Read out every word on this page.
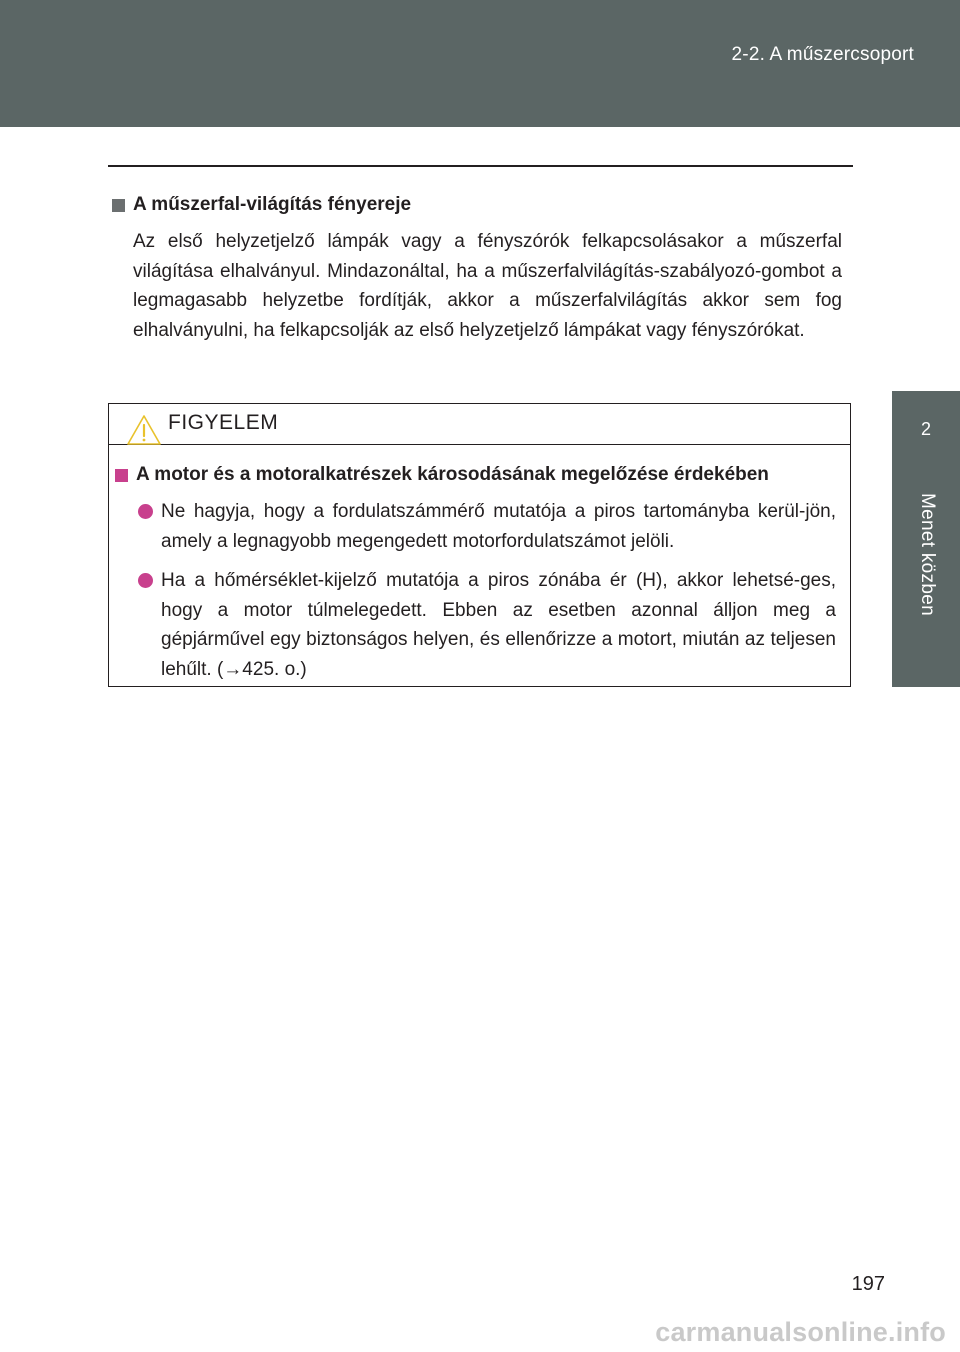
2-2. A műszercsoport
2
Menet közben
A műszerfal-világítás fényereje
Az első helyzetjelző lámpák vagy a fényszórók felkapcsolásakor a műszerfal világítása elhalványul. Mindazonáltal, ha a műszerfalvilágítás-szabályozó-gombot a legmagasabb helyzetbe fordítják, akkor a műszerfalvilágítás akkor sem fog elhalványulni, ha felkapcsolják az első helyzetjelző lámpákat vagy fényszórókat.
FIGYELEM
A motor és a motoralkatrészek károsodásának megelőzése érdekében
Ne hagyja, hogy a fordulatszámmérő mutatója a piros tartományba kerül-jön, amely a legnagyobb megengedett motorfordulatszámot jelöli.
Ha a hőmérséklet-kijelző mutatója a piros zónába ér (H), akkor lehetsé-ges, hogy a motor túlmelegedett. Ebben az esetben azonnal álljon meg a gépjárművel egy biztonságos helyen, és ellenőrizze a motort, miután az teljesen lehűlt. (→425. o.)
197
carmanualsonline.info
